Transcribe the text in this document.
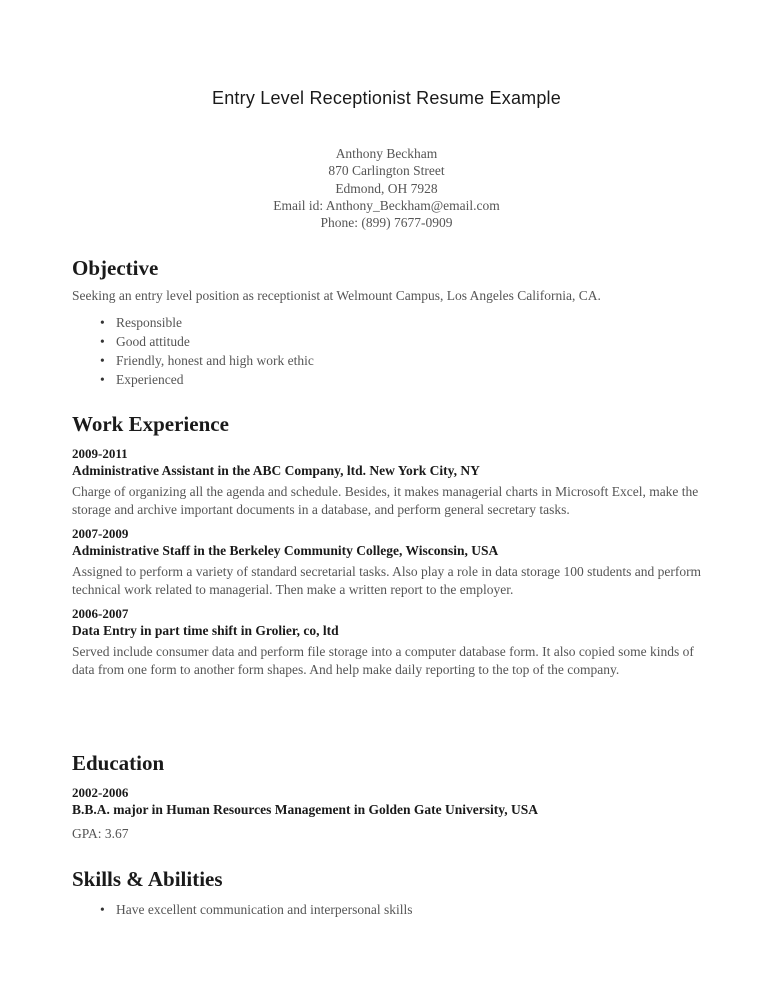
Entry Level Receptionist Resume Example
Anthony Beckham
870 Carlington Street
Edmond, OH 7928
Email id: Anthony_Beckham@email.com
Phone: (899) 7677-0909
Objective

Seeking an entry level position as receptionist at Welmount Campus, Los Angeles California, CA.

• Responsible
• Good attitude
• Friendly, honest and high work ethic
• Experienced
Work Experience

2009-2011

Administrative Assistant in the ABC Company, ltd. New York City, NY

Charge of organizing all the agenda and schedule. Besides, it makes managerial charts in Microsoft Excel, make the storage and archive important documents in a database, and perform general secretary tasks.

2007-2009

Administrative Staff in the Berkeley Community College, Wisconsin, USA

Assigned to perform a variety of standard secretarial tasks. Also play a role in data storage 100 students and perform technical work related to managerial. Then make a written report to the employer.

2006-2007

Data Entry in part time shift in Grolier, co, ltd

Served include consumer data and perform file storage into a computer database form. It also copied some kinds of data from one form to another form shapes. And help make daily reporting to the top of the company.

Education

2002-2006

B.B.A. major in Human Resources Management in Golden Gate University, USA

GPA: 3.67

Skills & Abilities
• Have excellent communication and interpersonal skills
